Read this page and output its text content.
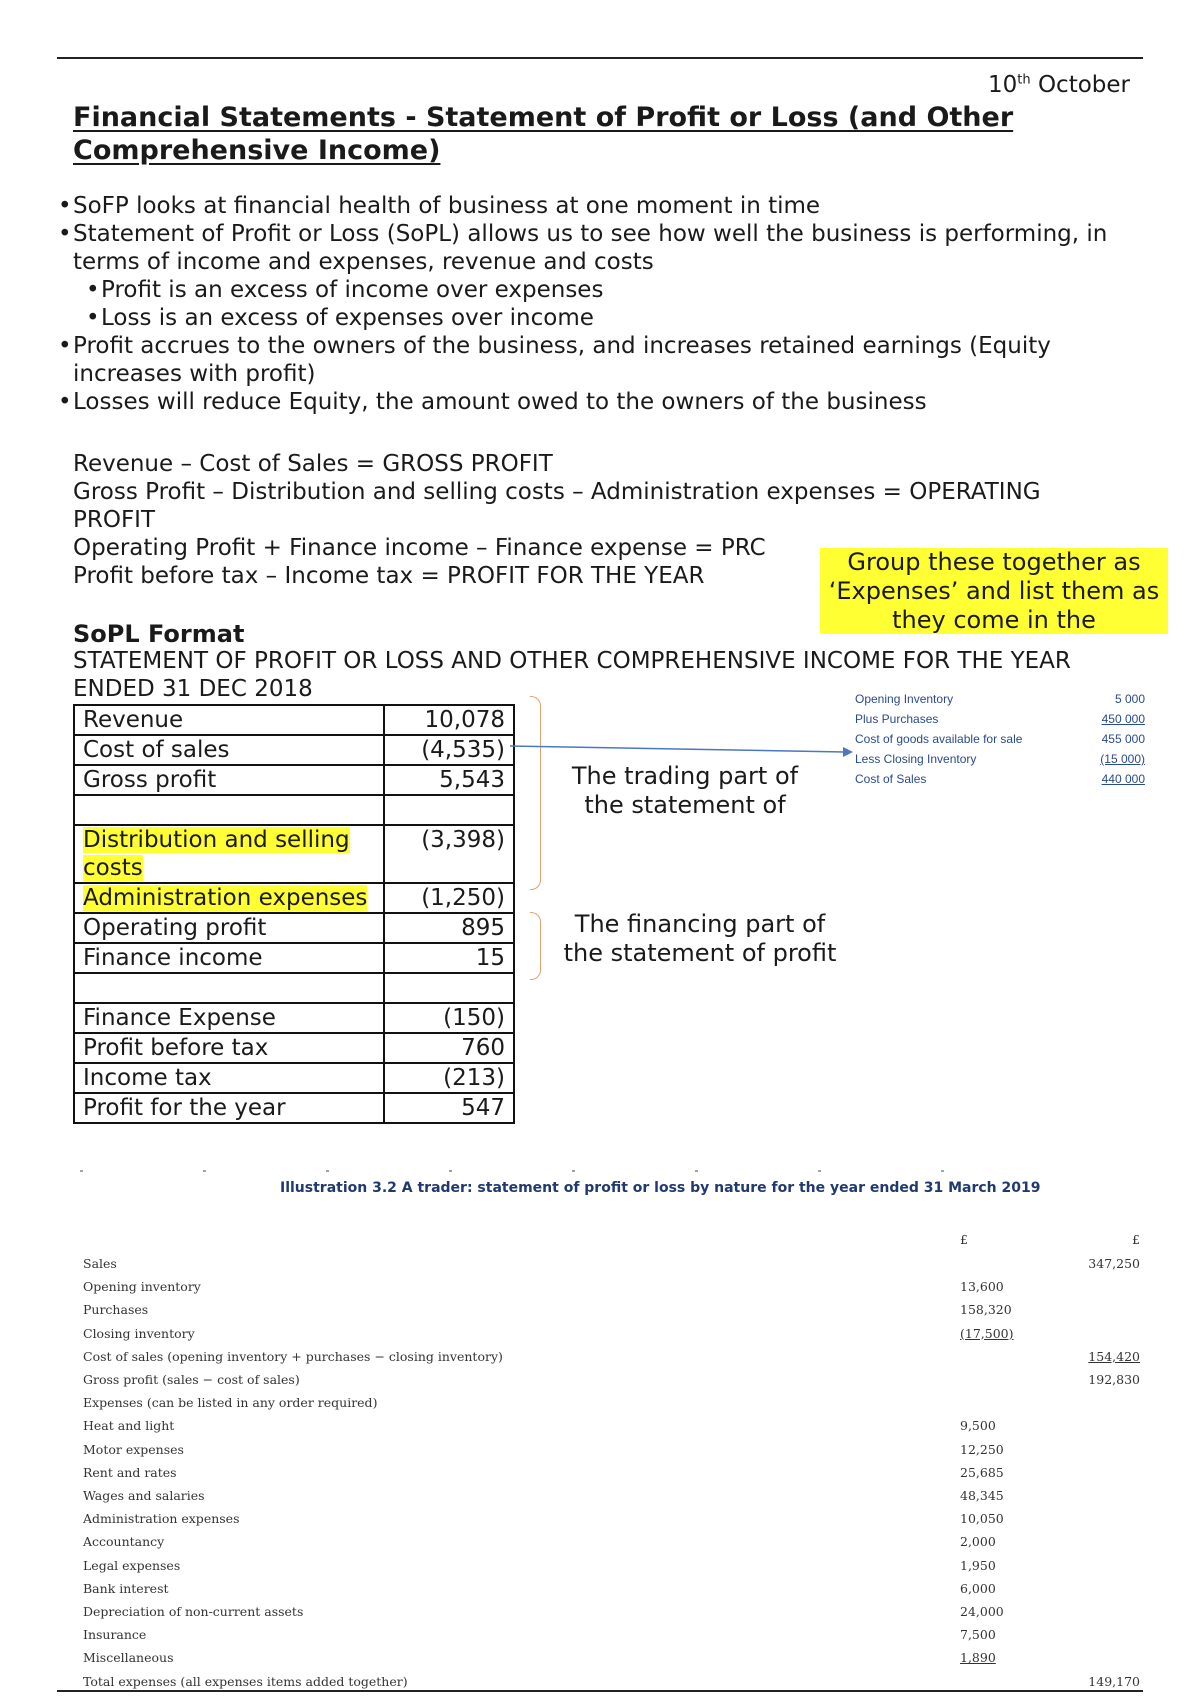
10th October
Financial Statements - Statement of Profit or Loss (and Other
Comprehensive Income)
• SoFP looks at financial health of business at one moment in time
• Statement of Profit or Loss (SoPL) allows us to see how well the business is performing, in terms of income and expenses, revenue and costs
• Profit is an excess of income over expenses
• Loss is an excess of expenses over income
• Profit accrues to the owners of the business, and increases retained earnings (Equity increases with profit)
• Losses will reduce Equity, the amount owed to the owners of the business
Revenue – Cost of Sales = GROSS PROFIT
Gross Profit – Distribution and selling costs – Administration expenses = OPERATING
PROFIT
Operating Profit + Finance income – Finance expense = PRC
Profit before tax – Income tax = PROFIT FOR THE YEAR	Group these together as ‘Expenses’ and list them as they come in the
SoPL Format
STATEMENT OF PROFIT OR LOSS AND OTHER COMPREHENSIVE INCOME FOR THE YEAR ENDED 31 DEC 2018
Revenue	10,078
Cost of sales	(4,535)
Gross profit	5,543

Distribution and selling costs	(3,398)
Administration expenses	(1,250)
Operating profit	895
Finance income	15

Finance Expense	(150)
Profit before tax	760
Income tax	(213)
Profit for the year	547
The trading part of the statement of
The financing part of the statement of profit
Opening Inventory	5 000
Plus Purchases	450 000
Cost of goods available for sale	455 000
Less Closing Inventory	(15 000)
Cost of Sales	440 000
Illustration 3.2 A trader: statement of profit or loss by nature for the year ended 31 March 2019
£	£
Sales	347,250
Opening inventory	13,600
Purchases	158,320
Closing inventory	(17,500)
Cost of sales (opening inventory + purchases − closing inventory)	154,420
Gross profit (sales − cost of sales)	192,830
Expenses (can be listed in any order required)
Heat and light	9,500
Motor expenses	12,250
Rent and rates	25,685
Wages and salaries	48,345
Administration expenses	10,050
Accountancy	2,000
Legal expenses	1,950
Bank interest	6,000
Depreciation of non-current assets	24,000
Insurance	7,500
Miscellaneous	1,890
Total expenses (all expenses items added together)	149,170
